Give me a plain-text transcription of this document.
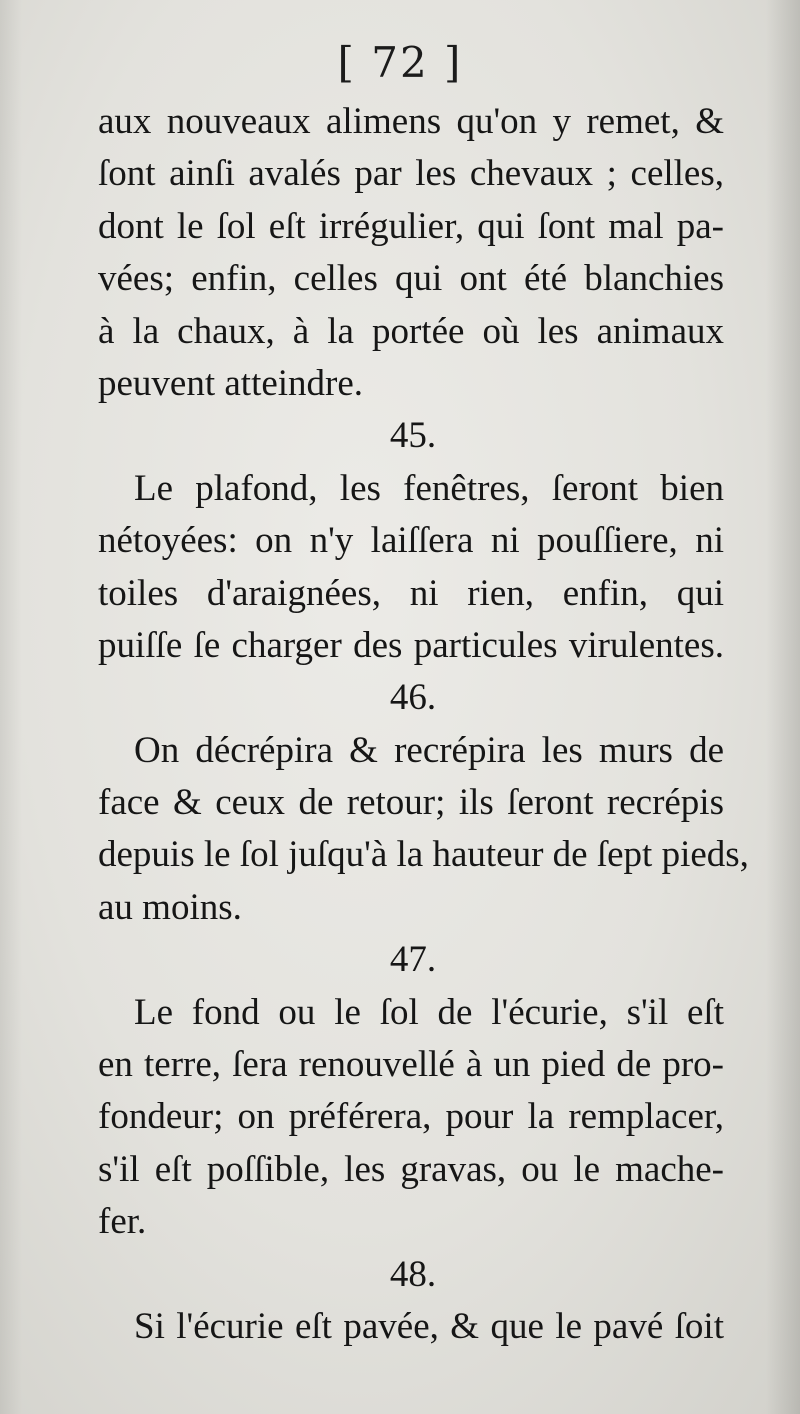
[ 72 ]
aux nouveaux alimens qu'on y remet, &
ſont ainſi avalés par les chevaux ; celles,
dont le ſol eſt irrégulier, qui ſont mal pa-
vées; enfin, celles qui ont été blanchies
à la chaux, à la portée où les animaux
peuvent atteindre.
45.
Le plafond, les fenêtres, ſeront bien
nétoyées: on n'y laiſſera ni pouſſiere, ni
toiles d'araignées, ni rien, enfin, qui
puiſſe ſe charger des particules virulentes.
46.
On décrépira & recrépira les murs de
face & ceux de retour; ils ſeront recrépis
depuis le ſol juſqu'à la hauteur de ſept pieds,
au moins.
47.
Le fond ou le ſol de l'écurie, s'il eſt
en terre, ſera renouvellé à un pied de pro-
fondeur; on préférera, pour la remplacer,
s'il eſt poſſible, les gravas, ou le mache-
fer.
48.
Si l'écurie eſt pavée, & que le pavé ſoit
